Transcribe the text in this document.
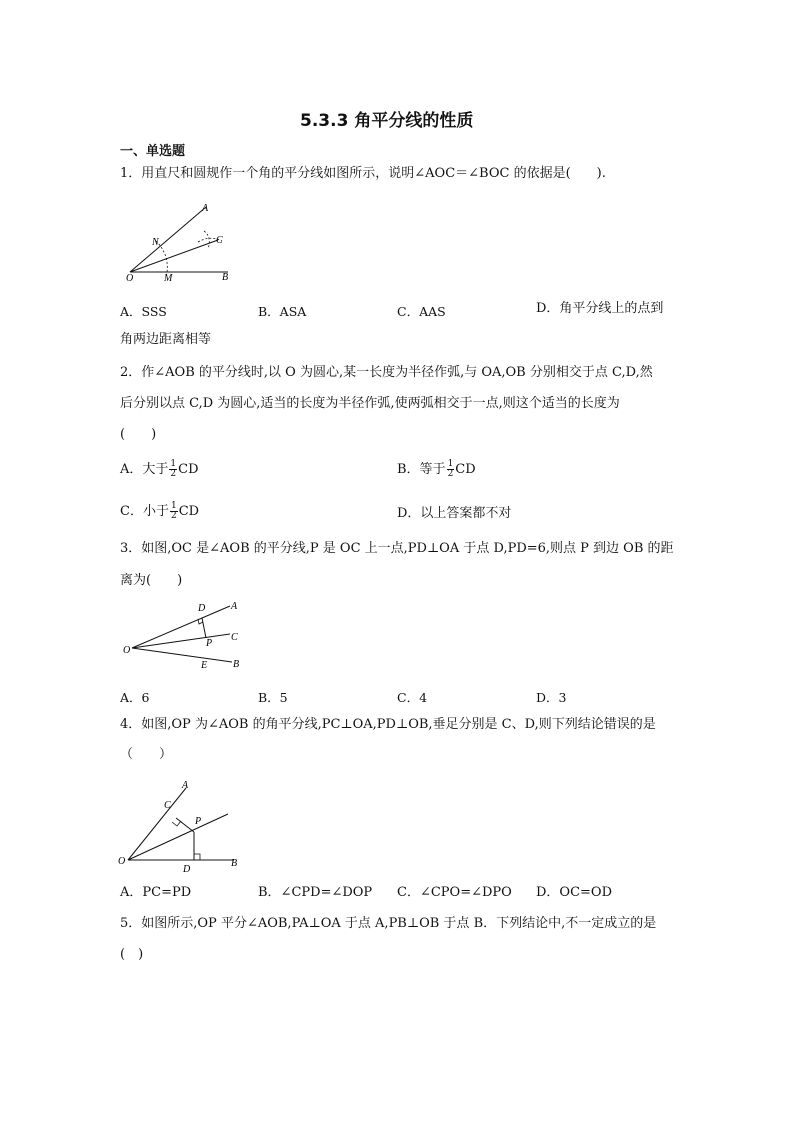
5.3.3 角平分线的性质
一、单选题
1．用直尺和圆规作一个角的平分线如图所示，说明∠AOC＝∠BOC 的依据是(　　).
A
B
C
N
M
O
A．SSS	B．ASA	C．AAS	D．角平分线上的点到
角两边距离相等
2．作∠AOB 的平分线时,以 O 为圆心,某一长度为半径作弧,与 OA,OB 分别相交于点 C,D,然
后分别以点 C,D 为圆心,适当的长度为半径作弧,使两弧相交于一点,则这个适当的长度为
(　　)
A．大于 $\frac{1}{2}$ CD	B．等于 $\frac{1}{2}$ CD
C．小于 $\frac{1}{2}$ CD	D．以上答案都不对
3．如图,OC 是∠AOB 的平分线,P 是 OC 上一点,PD⊥OA 于点 D,PD=6,则点 P 到边 OB 的距
离为(　　)
D	A
P
C
O
E	B
A．6	B．5	C．4	D．3
4．如图,OP 为∠AOB 的角平分线,PC⊥OA,PD⊥OB,垂足分别是 C、D,则下列结论错误的是
（　　）
A
C
P
O
D
B
A．PC=PD	B．∠CPD=∠DOP C．∠CPO=∠DPO D．OC=OD
5．如图所示,OP 平分∠AOB,PA⊥OA 于点 A,PB⊥OB 于点 B．下列结论中,不一定成立的是
(　)
